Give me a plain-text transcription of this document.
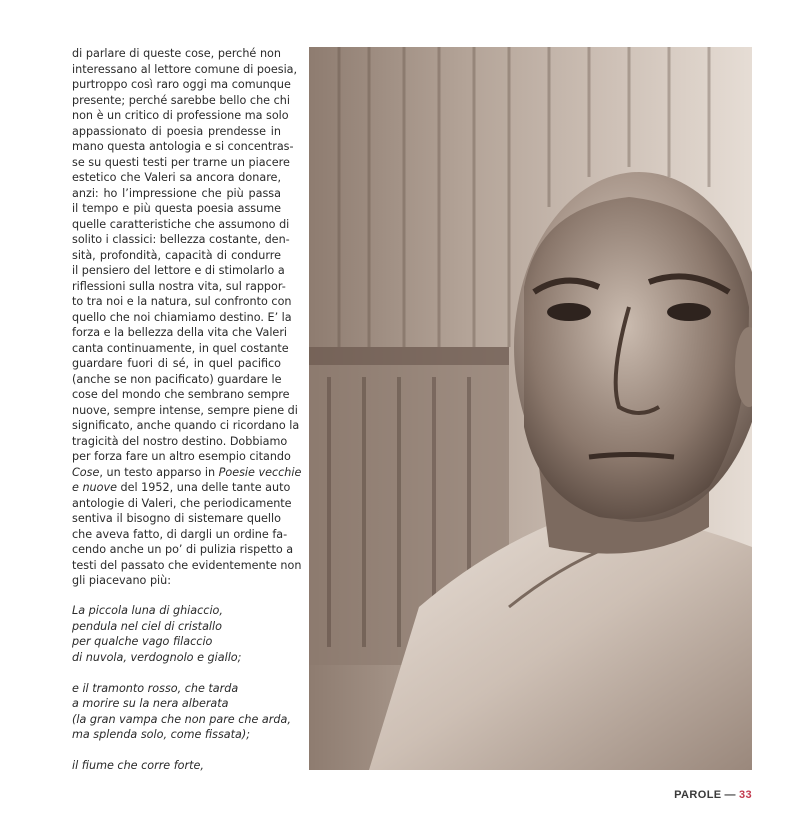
di parlare di queste cose, perché non
interessano al lettore comune di poesia,
purtroppo così raro oggi ma comunque
presente; perché sarebbe bello che chi
non è un critico di professione ma solo
appassionato di poesia prendesse in
mano questa antologia e si concentras-
se su questi testi per trarne un piacere
estetico che Valeri sa ancora donare,
anzi: ho l’impressione che più passa
il tempo e più questa poesia assume
quelle caratteristiche che assumono di
solito i classici: bellezza costante, den-
sità, profondità, capacità di condurre
il pensiero del lettore e di stimolarlo a
riflessioni sulla nostra vita, sul rappor-
to tra noi e la natura, sul confronto con
quello che noi chiamiamo destino. E’ la
forza e la bellezza della vita che Valeri
canta continuamente, in quel costante
guardare fuori di sé, in quel pacifico
(anche se non pacificato) guardare le
cose del mondo che sembrano sempre
nuove, sempre intense, sempre piene di
significato, anche quando ci ricordano la
tragicità del nostro destino. Dobbiamo
per forza fare un altro esempio citando
Cose, un testo apparso in Poesie vecchie
e nuove del 1952, una delle tante auto
antologie di Valeri, che periodicamente
sentiva il bisogno di sistemare quello
che aveva fatto, di dargli un ordine fa-
cendo anche un po’ di pulizia rispetto a
testi del passato che evidentemente non
gli piacevano più:
La piccola luna di ghiaccio,
pendula nel ciel di cristallo
per qualche vago filaccio
di nuvola, verdognolo e giallo;
e il tramonto rosso, che tarda
a morire su la nera alberata
(la gran vampa che non pare che arda,
ma splenda solo, come fissata);
il fiume che corre forte,
PAROLE — 33
